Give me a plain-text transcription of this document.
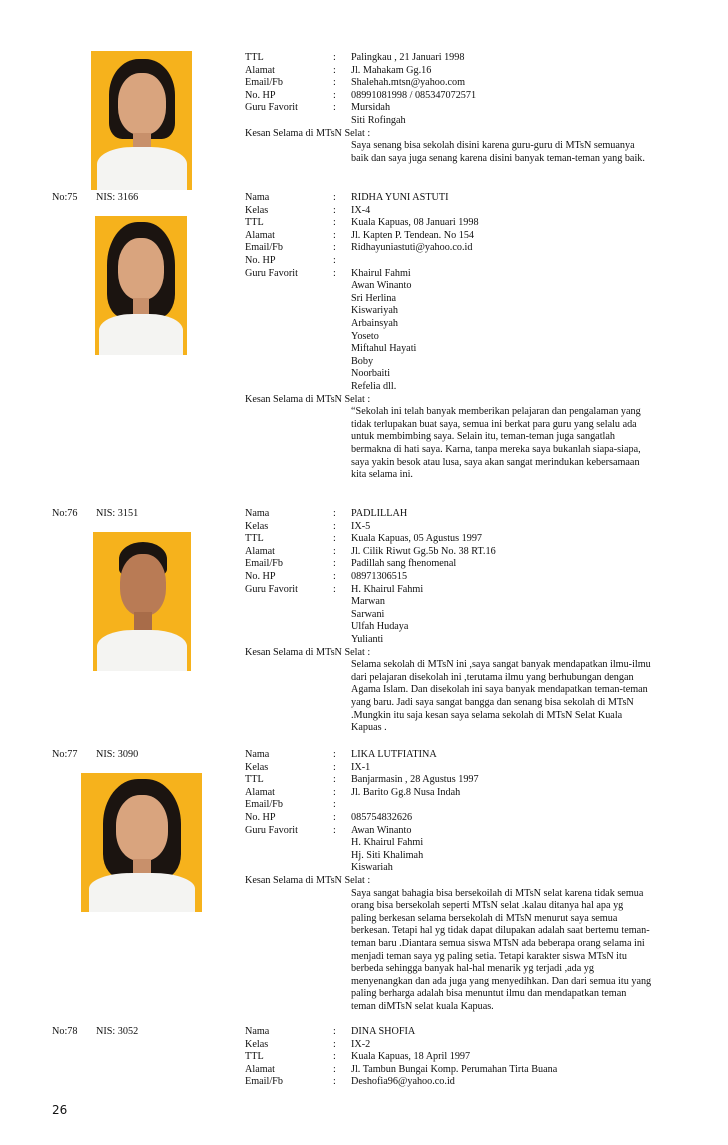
TTL	: Palingkau , 21 Januari 1998
Alamat	: Jl. Mahakam Gg.16
Email/Fb	: Shalehah.mtsn@yahoo.com
No. HP	: 08991081998 / 085347072571
Guru Favorit	: Mursidah
Siti Rofingah
Kesan Selama di MTsN Selat :
Saya senang bisa sekolah disini karena guru-guru di MTsN semuanya
baik dan saya juga senang karena disini banyak teman-teman yang baik.
No:75 NIS: 3166	Nama	: RIDHA YUNI ASTUTI
Kelas	: IX-4
TTL	: Kuala Kapuas, 08 Januari 1998
Alamat	: Jl. Kapten P. Tendean. No 154
Email/Fb	: Ridhayuniastuti@yahoo.co.id
No. HP	:
Guru Favorit	: Khairul Fahmi
Awan Winanto
Sri Herlina
Kiswariyah
Arbainsyah
Yoseto
Miftahul Hayati
Boby
Noorbaiti
Refelia dll.
Kesan Selama di MTsN Selat :
“Sekolah ini telah banyak memberikan pelajaran dan pengalaman yang
tidak terlupakan buat saya, semua ini berkat para guru yang selalu ada
untuk membimbing saya. Selain itu, teman-teman juga sangatlah
bermakna di hati saya. Karna, tanpa mereka saya bukanlah siapa-siapa,
saya yakin besok atau lusa, saya akan sangat merindukan kebersamaan
kita selama ini.
No:76 NIS: 3151	Nama	: PADLILLAH
Kelas	: IX-5
TTL	: Kuala Kapuas, 05 Agustus 1997
Alamat	: Jl. Cilik Riwut Gg.5b No. 38 RT.16
Email/Fb	: Padillah sang fhenomenal
No. HP	: 08971306515
Guru Favorit	: H. Khairul Fahmi
Marwan
Sarwani
Ulfah Hudaya
Yulianti
Kesan Selama di MTsN Selat :
Selama sekolah di MTsN ini ,saya sangat banyak mendapatkan ilmu-ilmu
dari pelajaran disekolah ini ,terutama ilmu yang berhubungan dengan
Agama Islam. Dan disekolah ini saya banyak mendapatkan teman-teman
yang baru. Jadi saya sangat bangga dan senang bisa sekolah di MTsN
.Mungkin itu saja kesan saya selama sekolah di MTsN Selat Kuala
Kapuas .
No:77 NIS: 3090	Nama	: LIKA LUTFIATINA
Kelas	: IX-1
TTL	: Banjarmasin , 28 Agustus 1997
Alamat	: Jl. Barito Gg.8 Nusa Indah
Email/Fb	:
No. HP	: 085754832626
Guru Favorit	: Awan Winanto
H. Khairul Fahmi
Hj. Siti Khalimah
Kiswariah
Kesan Selama di MTsN Selat :
Saya sangat bahagia bisa bersekoilah di MTsN selat karena tidak semua
orang bisa bersekolah seperti MTsN selat .kalau ditanya hal apa yg
paling berkesan selama bersekolah di MTsN menurut saya semua
berkesan. Tetapi hal yg tidak dapat dilupakan adalah saat bertemu teman-
teman baru .Diantara semua siswa MTsN ada beberapa orang selama ini
menjadi teman saya yg paling setia. Tetapi karakter siswa MTsN itu
berbeda sehingga banyak hal-hal menarik yg terjadi ,ada yg
menyenangkan dan ada juga yang menyedihkan. Dan dari semua itu yang
paling berharga adalah bisa menuntut ilmu dan mendapatkan teman
teman diMTsN selat kuala Kapuas.
No:78 NIS: 3052	Nama	: DINA SHOFIA
Kelas	: IX-2
TTL	: Kuala Kapuas, 18 April 1997
Alamat	: Jl. Tambun Bungai Komp. Perumahan Tirta Buana
Email/Fb	: Deshofia96@yahoo.co.id
26
